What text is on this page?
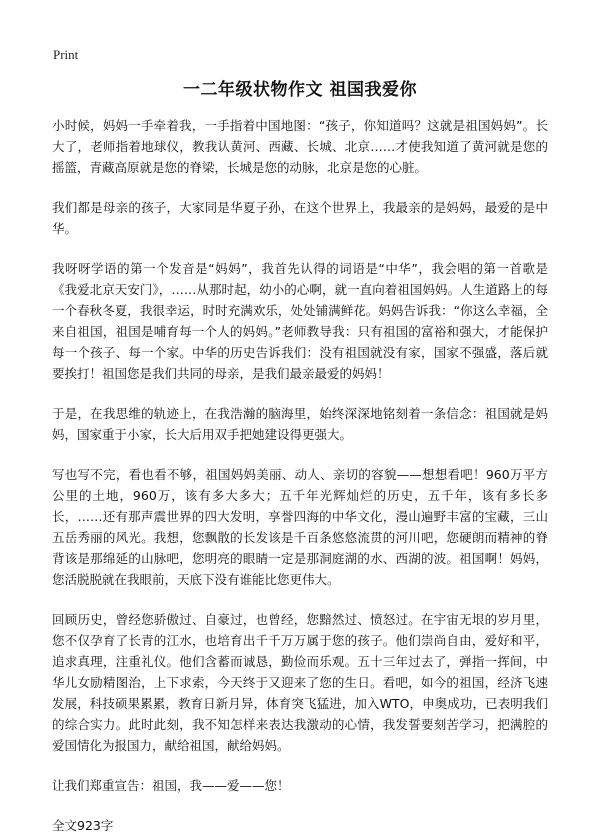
Print
一二年级状物作文 祖国我爱你

小时候，妈妈一手牵着我，一手指着中国地图：“孩子，你知道吗？这就是祖国妈妈”。长大了，老师指着地球仪，教我认黄河、西藏、长城、北京……才使我知道了黄河就是您的摇篮，青藏高原就是您的脊梁，长城是您的动脉，北京是您的心脏。

我们都是母亲的孩子，大家同是华夏子孙，在这个世界上，我最亲的是妈妈，最爱的是中华。

我呀呀学语的第一个发音是“妈妈”，我首先认得的词语是“中华”，我会唱的第一首歌是《我爱北京天安门》，……从那时起，幼小的心啊，就一直向着祖国妈妈。人生道路上的每一个春秋冬夏，我很幸运，时时充满欢乐，处处铺满鲜花。妈妈告诉我：“你这么幸福，全来自祖国，祖国是哺育每一个人的妈妈。”老师教导我：只有祖国的富裕和强大，才能保护每一个孩子、每一个家。中华的历史告诉我们：没有祖国就没有家，国家不强盛，落后就要挨打！祖国您是我们共同的母亲，是我们最亲最爱的妈妈！

于是，在我思维的轨迹上，在我浩瀚的脑海里，始终深深地铭刻着一条信念：祖国就是妈妈，国家重于小家，长大后用双手把她建设得更强大。

写也写不完，看也看不够，祖国妈妈美丽、动人、亲切的容貌——想想看吧！960万平方公里的土地，960万，该有多大多大；五千年光辉灿烂的历史，五千年，该有多长多长，……还有那声震世界的四大发明，享誉四海的中华文化，漫山遍野丰富的宝藏，三山五岳秀丽的风光。我想，您飘散的长发该是千百条悠悠流贯的河川吧，您硬朗而精神的脊背该是那绵延的山脉吧，您明亮的眼睛一定是那洞庭湖的水、西湖的波。祖国啊！妈妈，您活脱脱就在我眼前，天底下没有谁能比您更伟大。

回顾历史，曾经您骄傲过、自豪过，也曾经，您黯然过、愤怒过。在宇宙无垠的岁月里，您不仅孕育了长青的江水，也培育出千千万万属于您的孩子。他们崇尚自由，爱好和平，追求真理，注重礼仪。他们含蓄而诚恳，勤俭而乐观。五十三年过去了，弹指一挥间，中华儿女励精图治，上下求索，今天终于又迎来了您的生日。看吧，如今的祖国，经济飞速发展，科技硕果累累，教育日新月异，体育突飞猛进，加入WTO，申奥成功，已表明我们的综合实力。此时此刻，我不知怎样来表达我激动的心情，我发誓要刻苦学习，把满腔的爱国情化为报国力，献给祖国，献给妈妈。

让我们郑重宣告：祖国，我——爱——您！

全文923字
